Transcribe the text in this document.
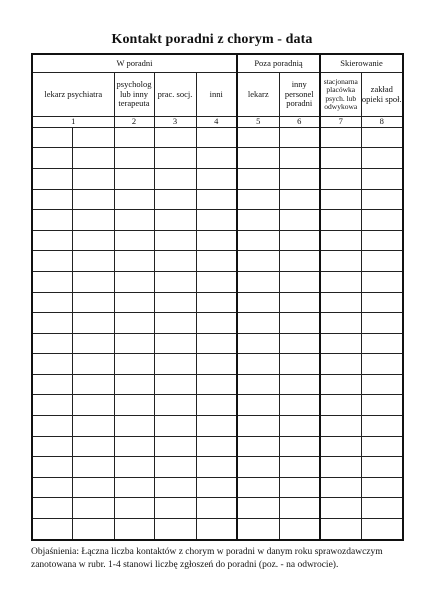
Kontakt poradni z chorym - data
W poradni					Poza poradnią		Skierowanie	
lekarz psychiatra		psycholog lub inny terapeuta	prac. socj.	inni	lekarz	inny personel poradni	stacjonarna placówka psych. lub odwykowa	zakład opieki społ.
1		2	3	4	5	6	7	8

Objaśnienia: Łączna liczba kontaktów z chorym w poradni w danym roku sprawozdawczym
zanotowana w rubr. 1-4 stanowi liczbę zgłoszeń do poradni (poz. - na odwrocie).
